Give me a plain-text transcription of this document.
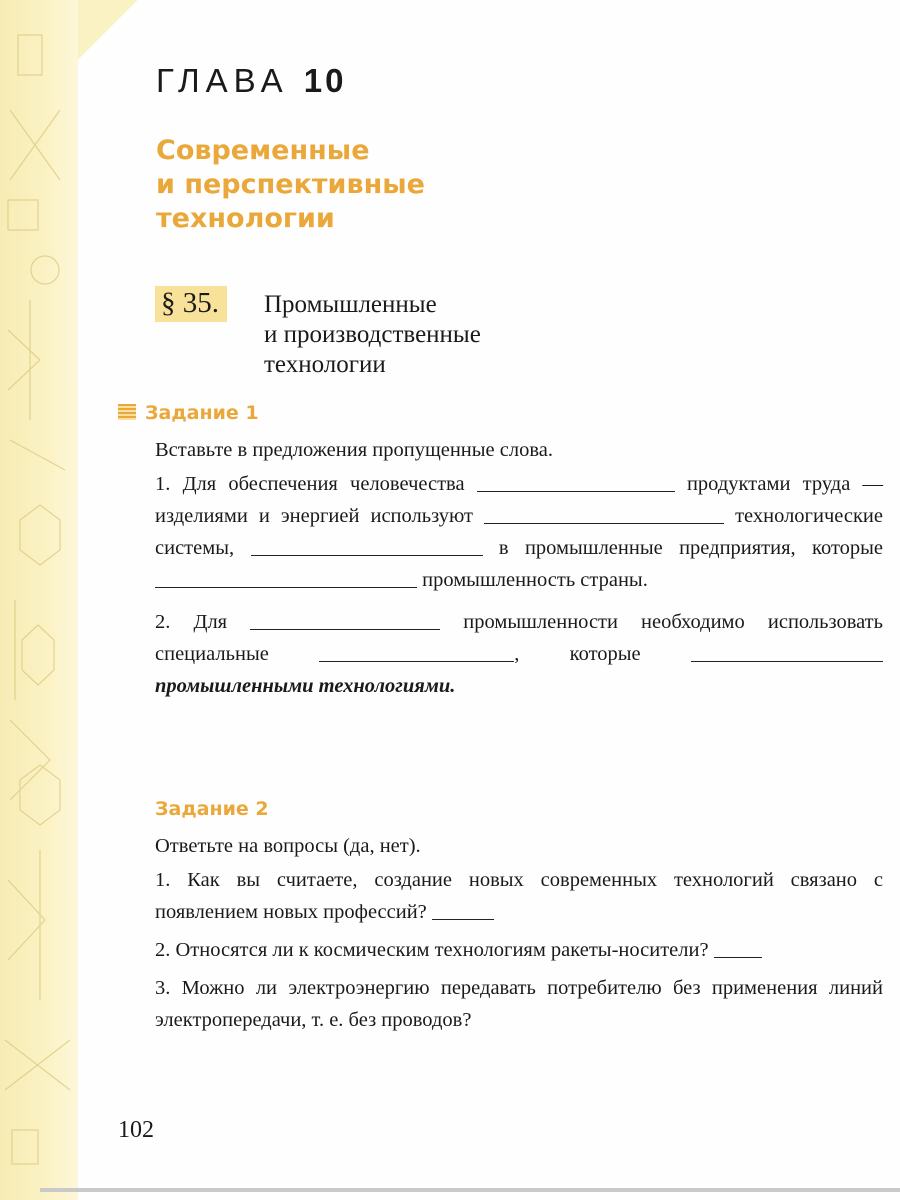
ГЛАВА 10
Современные
и перспективные
технологии
§ 35.	Промышленные
и производственные
технологии
Задание 1

Вставьте в предложения пропущенные слова.

1. Для обеспечения человечества	продуктами труда — изделиями и энергией используют	технологические системы,	в промышленные предприятия, которые  промышленность страны.

2. Для	промышленности необходимо использовать специальные	, которые  промышленными технологиями.

Задание 2

Ответьте на вопросы (да, нет).

1. Как вы считаете, создание новых современных технологий связано с появлением новых профессий?

2. Относятся ли к космическим технологиям ракеты-носители?

3. Можно ли электроэнергию передавать потребителю без применения линий электропередачи, т. е. без проводов?

102
